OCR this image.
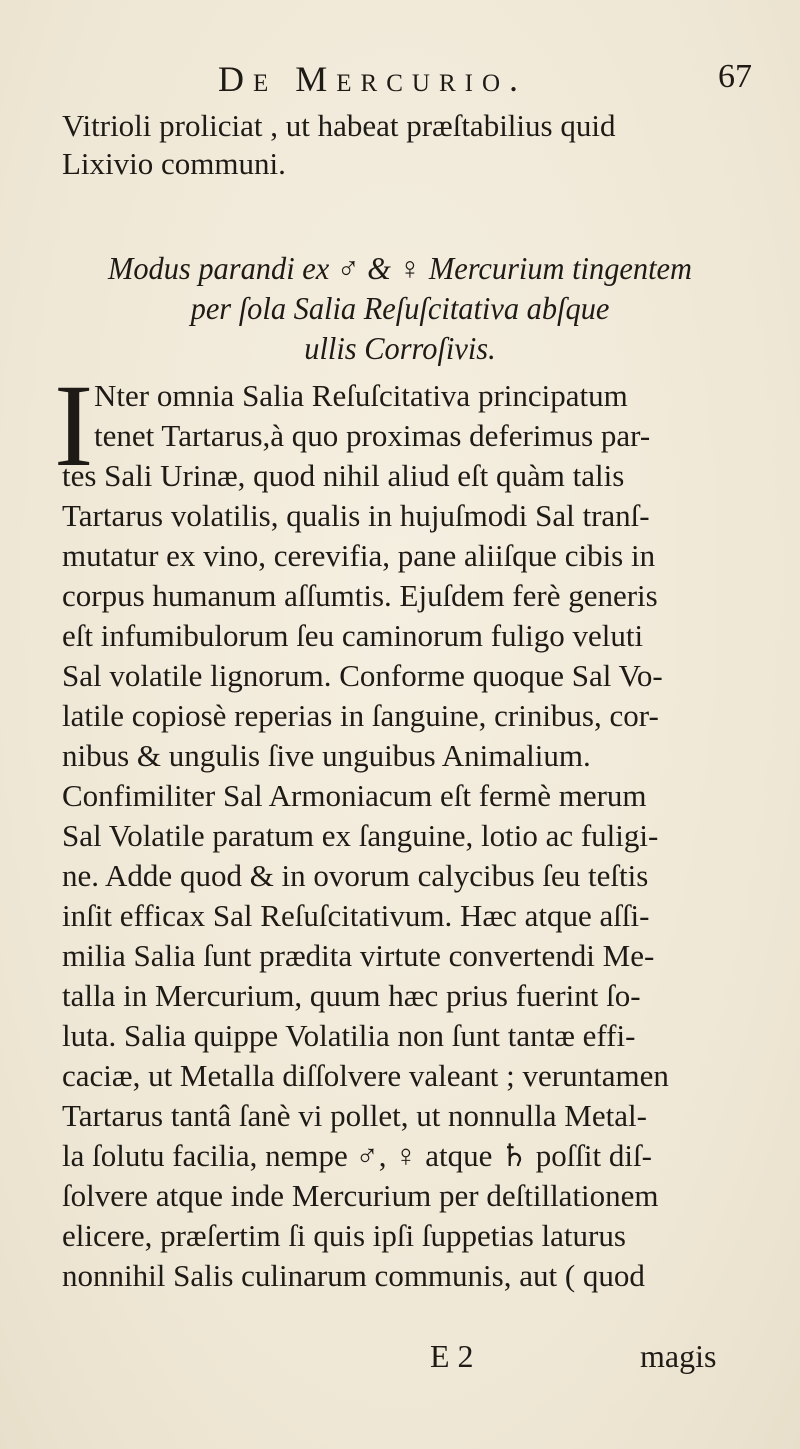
De Mercurio.	67
Vitrioli proliciat , ut habeat præſtabilius quid
Lixivio communi.
Modus parandi ex ♂ & ♀ Mercurium tingentem
per ſola Salia Reſuſcitativa abſque
ullis Corroſivis.
I Nter omnia Salia Reſuſcitativa principatum
tenet Tartarus,à quo proximas deferimus par-
tes Sali Urinæ, quod nihil aliud eſt quàm talis
Tartarus volatilis, qualis in hujuſmodi Sal tranſ-
mutatur ex vino, cerevifia, pane aliiſque cibis in
corpus humanum aſſumtis. Ejuſdem ferè generis
eſt infumibulorum ſeu caminorum fuligo veluti
Sal volatile lignorum. Conforme quoque Sal Vo-
latile copiosè reperias in ſanguine, crinibus, cor-
nibus & ungulis ſive unguibus Animalium.
Confimiliter Sal Armoniacum eſt fermè merum
Sal Volatile paratum ex ſanguine, lotio ac fuligi-
ne. Adde quod & in ovorum calycibus ſeu teſtis
inſit efficax Sal Reſuſcitativum. Hæc atque aſſi-
milia Salia ſunt prædita virtute convertendi Me-
talla in Mercurium, quum hæc prius fuerint ſo-
luta. Salia quippe Volatilia non ſunt tantæ effi-
caciæ, ut Metalla diſſolvere valeant ; veruntamen
Tartarus tantâ ſanè vi pollet, ut nonnulla Metal-
la ſolutu facilia, nempe ♂, ♀ atque ♄ poſſit diſ-
ſolvere atque inde Mercurium per deſtillationem
elicere, præſertim ſi quis ipſi ſuppetias laturus
nonnihil Salis culinarum communis, aut ( quod
E 2	magis
